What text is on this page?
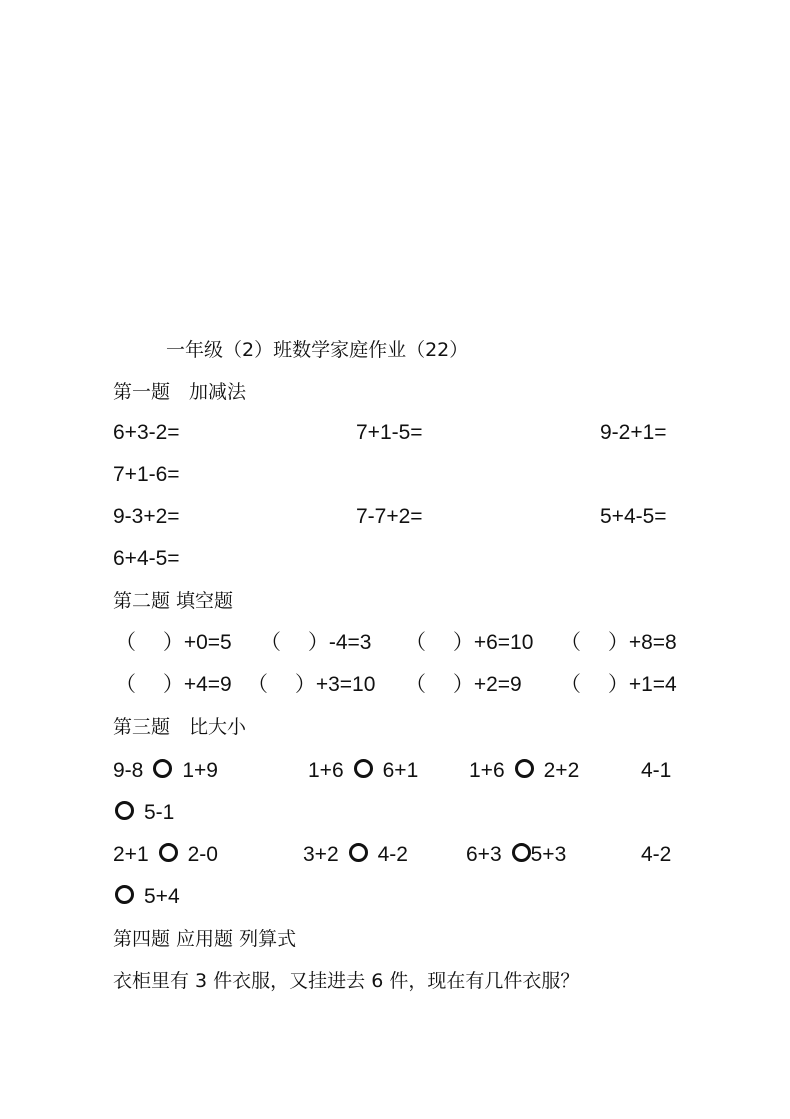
一年级（2）班数学家庭作业（22）
第一题　加减法
6+3-2=	7+1-5=	9-2+1=
7+1-6=
9-3+2=	7-7+2=	5+4-5=
6+4-5=
第二题 填空题
（　 ）+0=5 （　 ）-4=3 （　 ）+6=10 （　 ）+8=8
（　 ）+4=9 （　 ）+3=10 （　 ）+2=9 （　 ）+1=4
第三题　比大小
9-8 1+9	1+6 6+1 1+6 2+2	4-1
5-1
2+1 2-0	3+2 4-2	6+3 5+3	4-2
5+4
第四题 应用题 列算式
衣柜里有 3 件衣服，又挂进去 6 件，现在有几件衣服？
